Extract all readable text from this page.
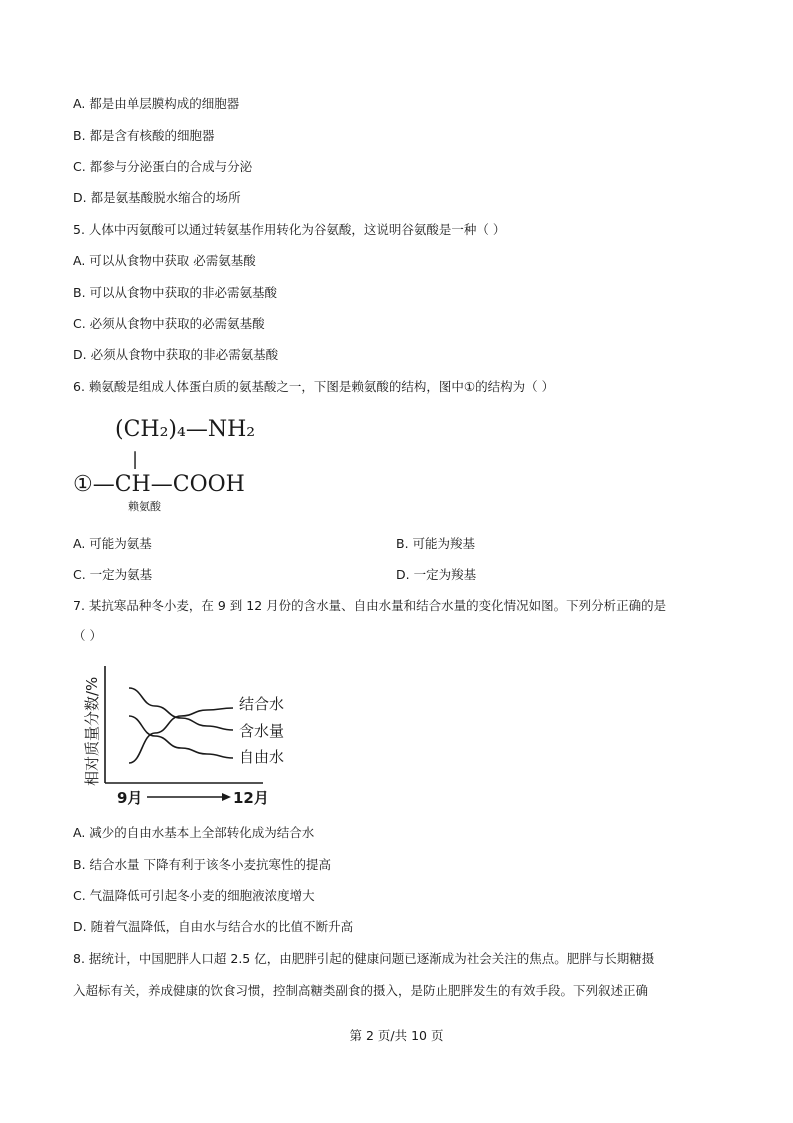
A. 都是由单层膜构成的细胞器
B. 都是含有核酸的细胞器
C. 都参与分泌蛋白的合成与分泌
D. 都是氨基酸脱水缩合的场所
5. 人体中丙氨酸可以通过转氨基作用转化为谷氨酸，这说明谷氨酸是一种（ ）
A. 可以从食物中获取 必需氨基酸
B. 可以从食物中获取的非必需氨基酸
C. 必须从食物中获取的必需氨基酸
D. 必须从食物中获取的非必需氨基酸
6. 赖氨酸是组成人体蛋白质的氨基酸之一，下图是赖氨酸的结构，图中①的结构为（ ）
(CH₂)₄—NH₂
|
①—CH—COOH
赖氨酸
A. 可能为氨基	B. 可能为羧基
C. 一定为氨基	D. 一定为羧基
7. 某抗寒品种冬小麦，在 9 到 12 月份的含水量、自由水量和结合水量的变化情况如图。下列分析正确的是
（ ）
相对质量分数/%	结合水
含水量
自由水
9月	12月
A. 减少的自由水基本上全部转化成为结合水
B. 结合水量 下降有利于该冬小麦抗寒性的提高
C. 气温降低可引起冬小麦的细胞液浓度增大
D. 随着气温降低，自由水与结合水的比值不断升高
8. 据统计，中国肥胖人口超 2.5 亿，由肥胖引起的健康问题已逐渐成为社会关注的焦点。肥胖与长期糖摄
入超标有关，养成健康的饮食习惯，控制高糖类副食的摄入，是防止肥胖发生的有效手段。下列叙述正确
第 2 页/共 10 页
